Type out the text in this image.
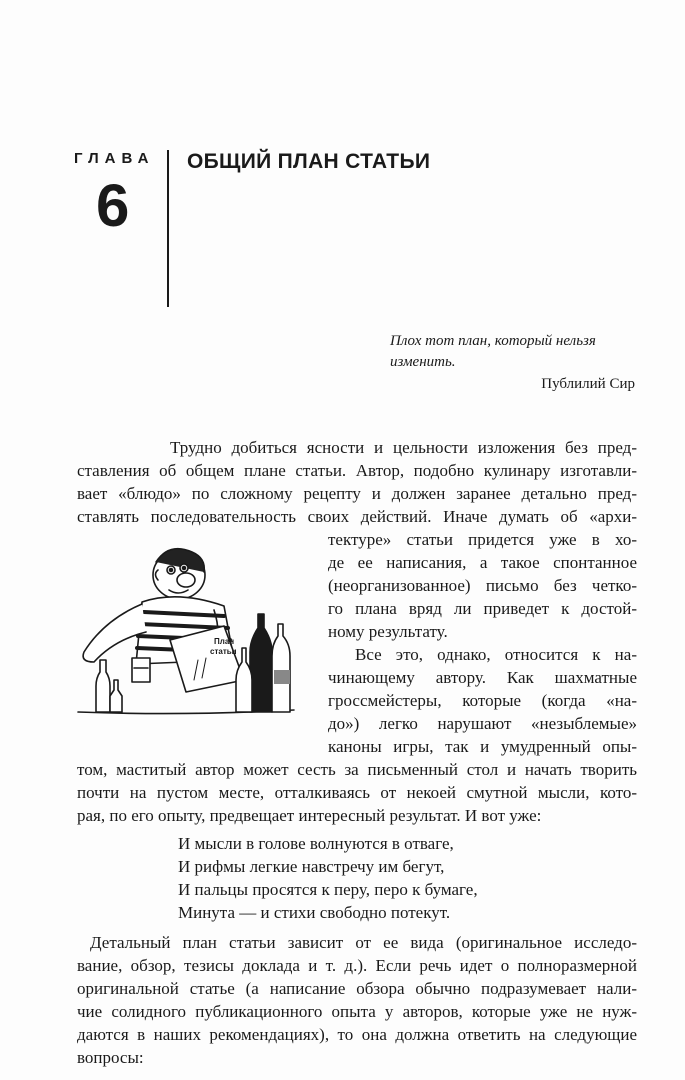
ГЛАВА
6
ОБЩИЙ ПЛАН СТАТЬИ
Плох тот план, который нельзя
изменить.
Публилий Сир
Трудно добиться ясности и цельности изложения без пред-
ставления об общем плане статьи. Автор, подобно кулинару изготавли-
вает «блюдо» по сложному рецепту и должен заранее детально пред-
ставлять последовательность своих действий. Иначе думать об «архи-
тектуре» статьи придется уже в хо-
де ее написания, а такое спонтанное
(неорганизованное) письмо без четко-
го плана вряд ли приведет к достой-
ному результату.
Все это, однако, относится к на-
чинающему автору. Как шахматные
гроссмейстеры, которые (когда «на-
до») легко нарушают «незыблемые»
каноны игры, так и умудренный опы-
том, маститый автор может сесть за письменный стол и начать творить
почти на пустом месте, отталкиваясь от некоей смутной мысли, кото-
рая, по его опыту, предвещает интересный результат. И вот уже:
И мысли в голове волнуются в отваге,
И рифмы легкие навстречу им бегут,
И пальцы просятся к перу, перо к бумаге,
Минута — и стихи свободно потекут.
Детальный план статьи зависит от ее вида (оригинальное исследо-
вание, обзор, тезисы доклада и т. д.). Если речь идет о полноразмерной
оригинальной статье (а написание обзора обычно подразумевает нали-
чие солидного публикационного опыта у авторов, которые уже не нуж-
даются в наших рекомендациях), то она должна ответить на следующие
вопросы:
План
статьи
